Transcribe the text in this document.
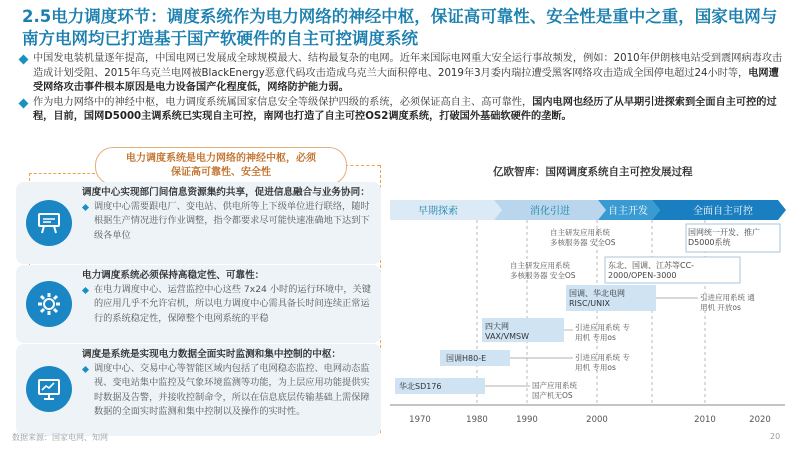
2.5电力调度环节：调度系统作为电力网络的神经中枢，保证高可靠性、安全性是重中之重，国家电网与南方电网均已打造基于国产软硬件的自主可控调度系统
中国发电装机量逐年提高，中国电网已发展成全球规模最大、结构最复杂的电网。近年来国际电网重大安全运行事故频发，例如：2010年伊朗核电站受到震网病毒攻击造成计划受阻、2015年乌克兰电网被BlackEnergy恶意代码攻击造成乌克兰大面积停电、2019年3月委内瑞拉遭受黑客网络攻击造成全国停电超过24小时等，电网遭受网络攻击事件根本原因是电力设备国产化程度低，网络防护能力弱。
作为电力网络中的神经中枢，电力调度系统属国家信息安全等级保护四级的系统，必须保证高自主、高可靠性，国内电网也经历了从早期引进探索到全面自主可控的过程，目前，国网D5000主调系统已实现自主可控，南网也打造了自主可控OS2调度系统，打破国外基础软硬件的垄断。
电力调度系统是电力网络的神经中枢，必须保证高可靠性、安全性
调度中心实现部门间信息资源集约共享，促进信息融合与业务协同：
调度中心需要跟电厂、变电站、供电所等上下级单位进行联络，随时根据生产情况进行作业调整，指令都要求尽可能快速准确地下达到下级各单位
电力调度系统必须保持高稳定性、可靠性：
在电力调度中心、运营监控中心这些 7x24 小时的运行环境中，关键的应用几乎不允许宕机，所以电力调度中心需具备长时间连续正常运行的系统稳定性，保障整个电网系统的平稳
调度是系统是实现电力数据全面实时监测和集中控制的中枢：
调度中心、交易中心等智能区域内包括了电网稳态监控、电网动态监视、变电站集中监控及气象环境监测等功能，为上层应用功能提供实时数据及告警，并接收控制命令，所以在信息底层传输基础上需保障数据的全面实时监测和集中控制以及操作的实时性。
亿欧智库：国网调度系统自主可控发展过程
早期探索	消化引进	自主开发	全面自主可控
1970	1980	1990	2000	2010	2020
国网统一开发、推广 D5000系统
东北、国调、江苏等CC-2000/OPEN-3000
国调、华北电网 RISC/UNIX
四大网 VAX/VMSW
国调H80-E
华北SD176
自主研发应用系统多核服务器 安全OS
自主研发应用系统多核服务器 安全OS
引进应用系统 通用机 开放os
引进应用系统 专用机 专用os
引进应用系统 专用机 专用os
国产应用系统国产机无OS
数据来源：国家电网、知网	20
